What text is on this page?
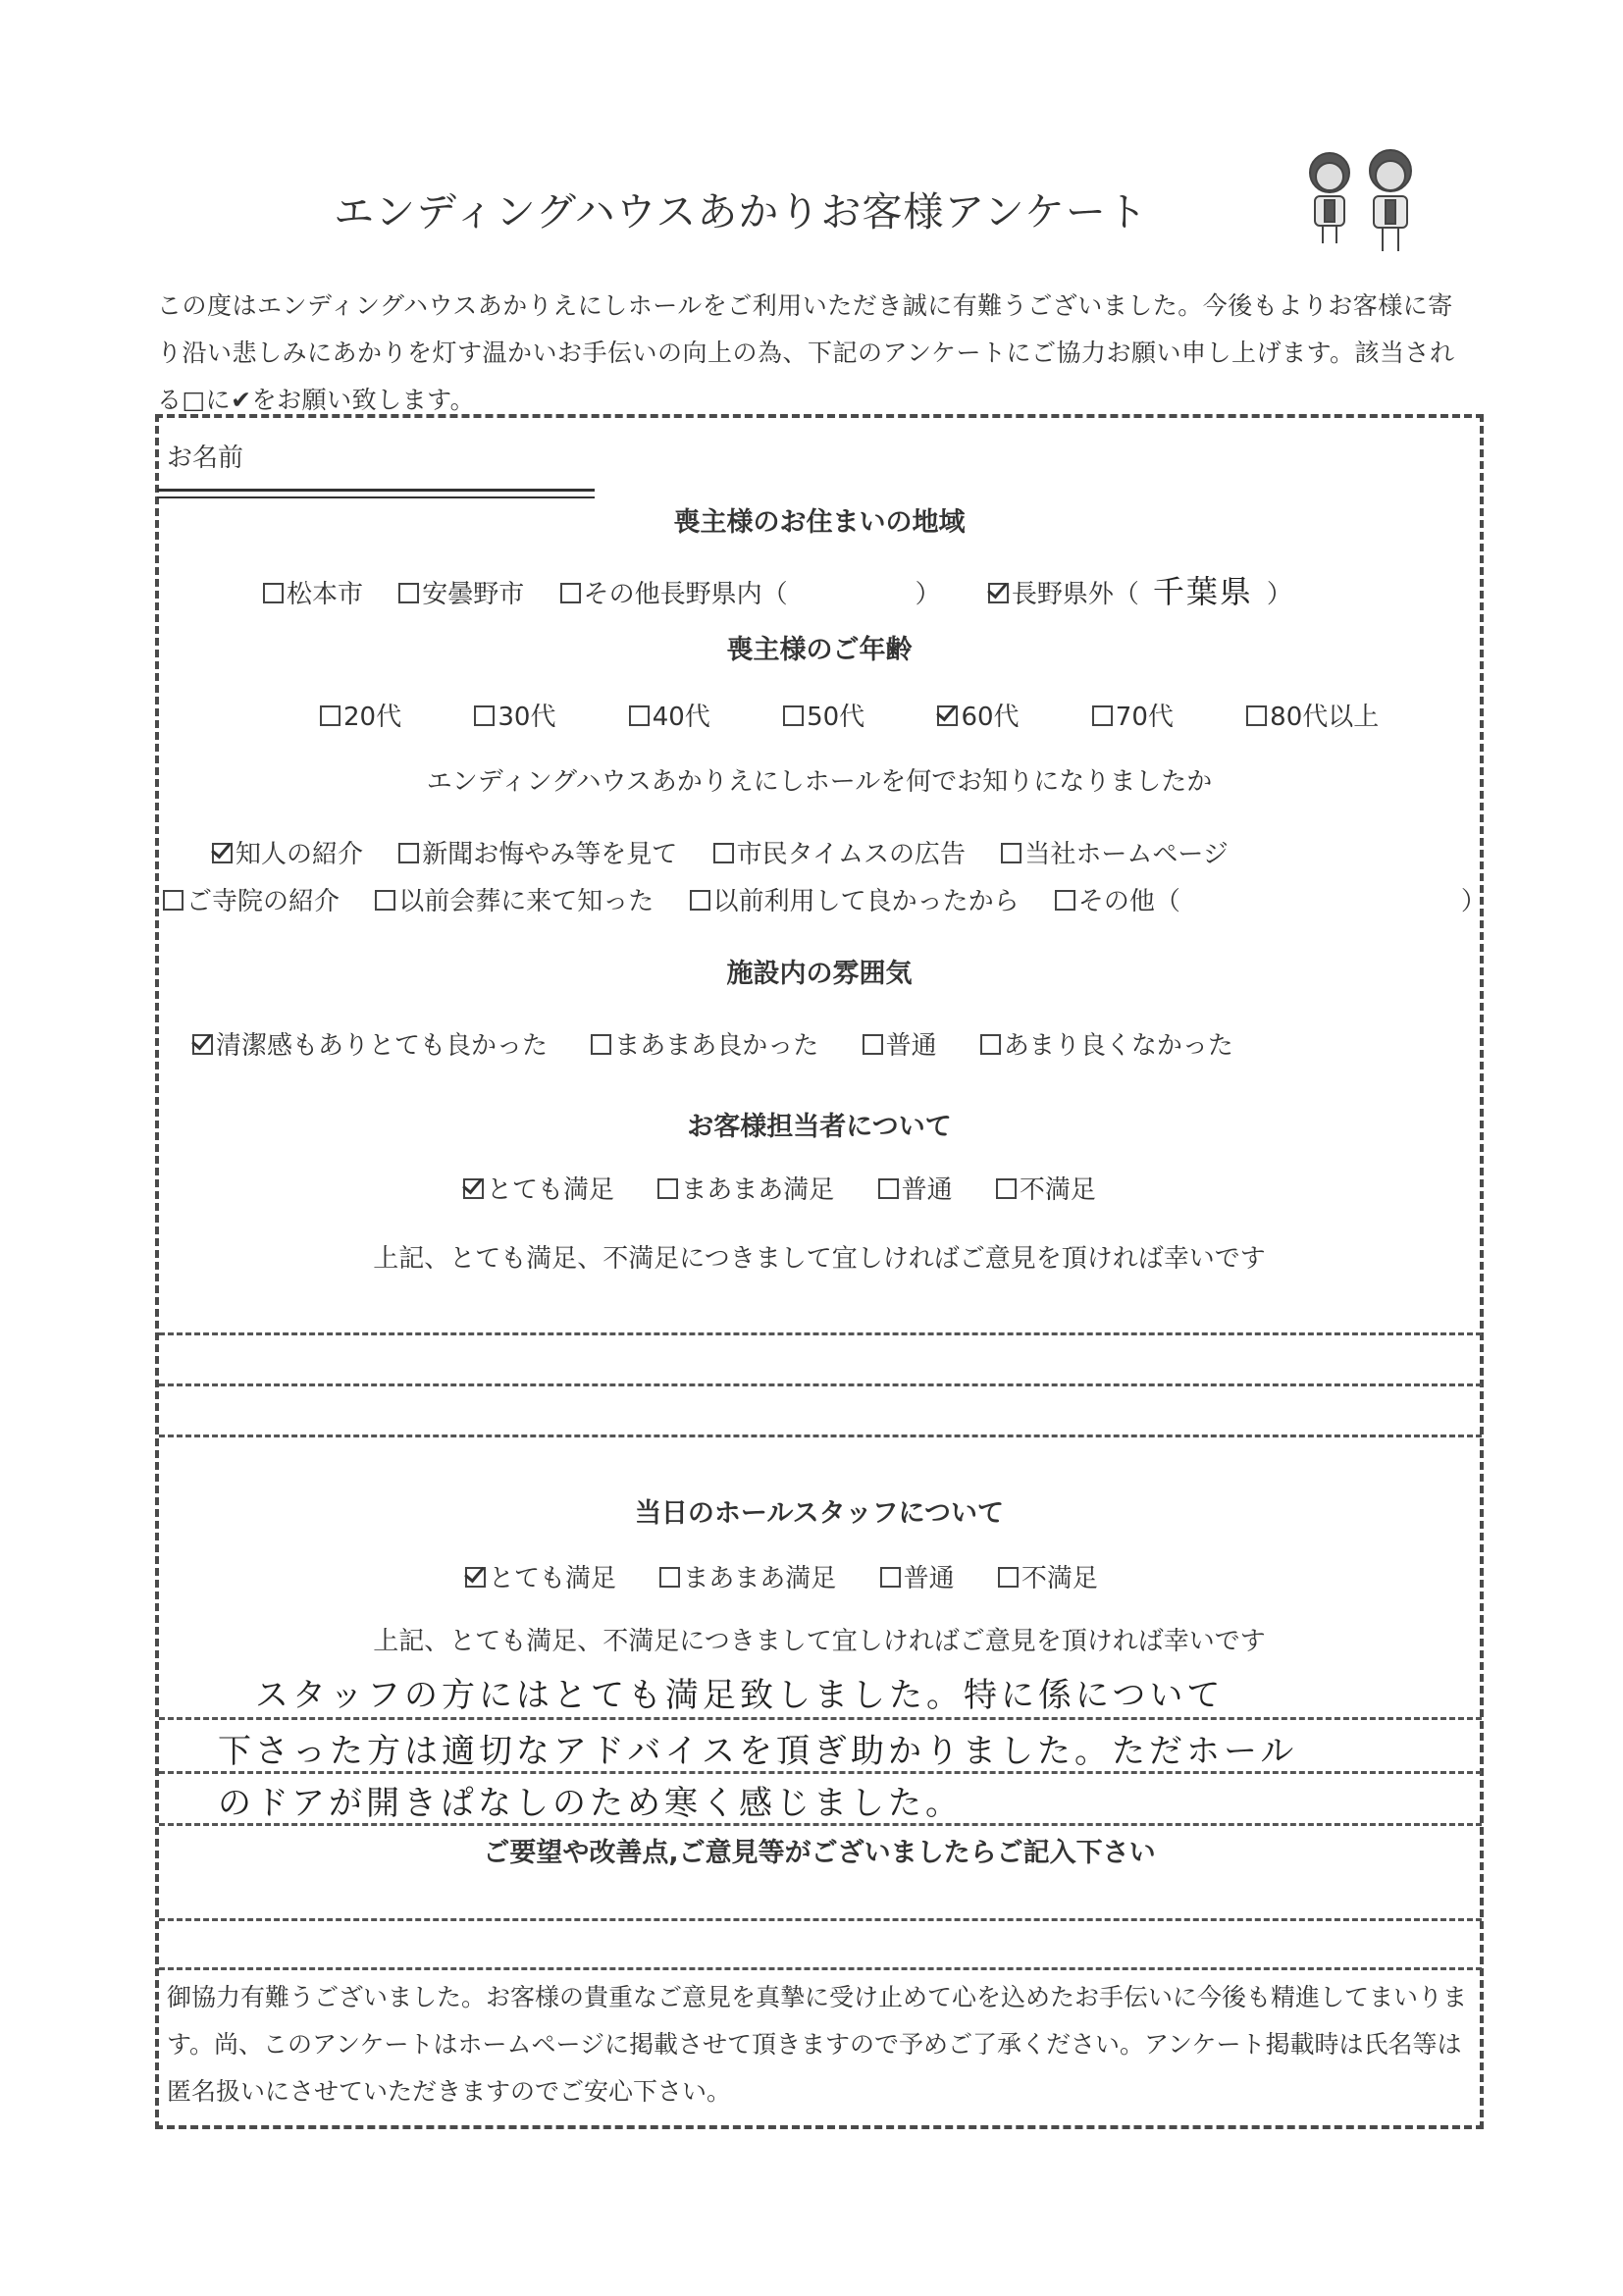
エンディングハウスあかりお客様アンケート
この度はエンディングハウスあかりえにしホールをご利用いただき誠に有難うございました。今後もよりお客様に寄り沿い悲しみにあかりを灯す温かいお手伝いの向上の為、下記のアンケートにご協力お願い申し上げます。該当される□に✔をお願い致します。
お名前
喪主様のお住まいの地域
松本市 安曇野市 その他長野県内（　　　　　）	長野県外（ 千葉県 ）
喪主様のご年齢
20代	30代	40代	50代	60代	70代	80代以上
エンディングハウスあかりえにしホールを何でお知りになりましたか
知人の紹介 新聞お悔やみ等を見て 市民タイムスの広告 当社ホームページ
ご寺院の紹介 以前会葬に来て知った 以前利用して良かったから その他（　　　　　　　　　　　）
施設内の雰囲気
清潔感もありとても良かった	まあまあ良かった	普通	あまり良くなかった
お客様担当者について
とても満足	まあまあ満足	普通	不満足
上記、とても満足、不満足につきまして宜しければご意見を頂ければ幸いです
当日のホールスタッフについて
とても満足	まあまあ満足	普通	不満足
上記、とても満足、不満足につきまして宜しければご意見を頂ければ幸いです
スタッフの方にはとても満足致しました。特に係について
下さった方は適切なアドバイスを頂ぎ助かりました。ただホール
のドアが開きぱなしのため寒く感じました。
ご要望や改善点,ご意見等がございましたらご記入下さい
御協力有難うございました。お客様の貴重なご意見を真摯に受け止めて心を込めたお手伝いに今後も精進してまいります。尚、このアンケートはホームページに掲載させて頂きますので予めご了承ください。アンケート掲載時は氏名等は匿名扱いにさせていただきますのでご安心下さい。
